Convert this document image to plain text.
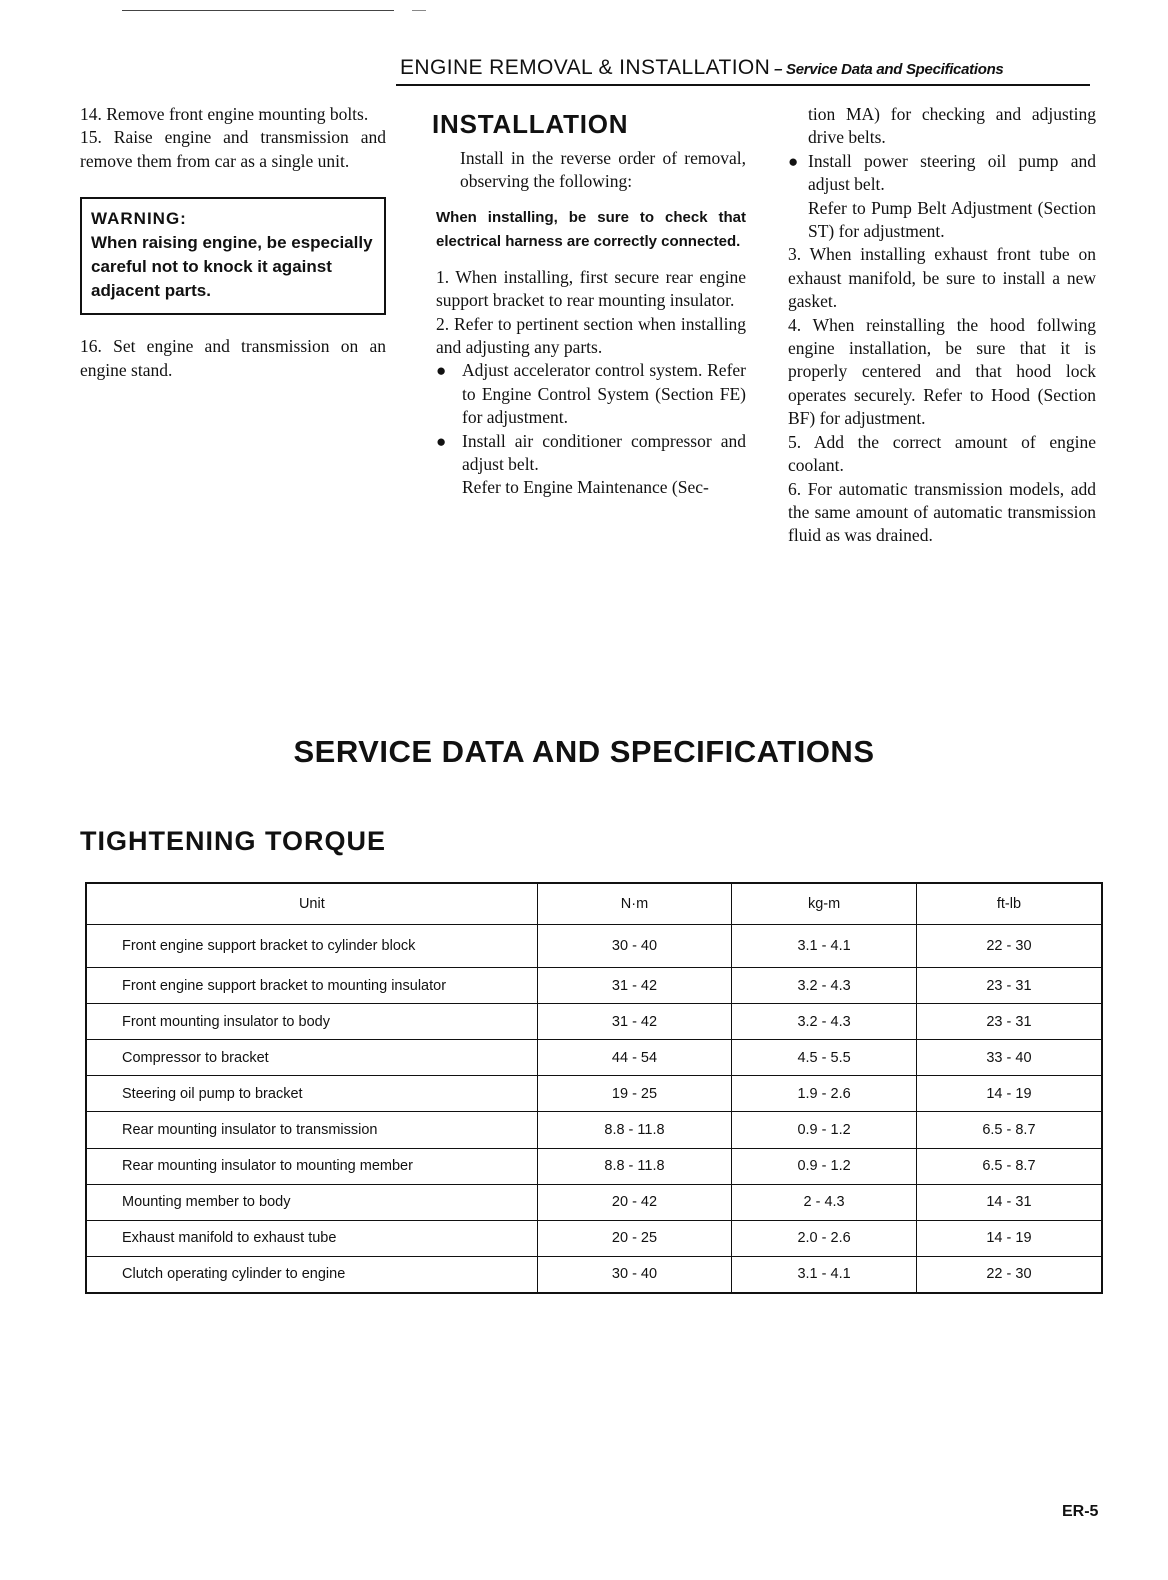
ENGINE REMOVAL & INSTALLATION – Service Data and Specifications

14. Remove front engine mounting bolts.

15. Raise engine and transmission and remove them from car as a single unit.

WARNING:
When raising engine, be especially careful not to knock it against adjacent parts.

16. Set engine and transmission on an engine stand.

INSTALLATION

Install in the reverse order of removal, observing the following:

When installing, be sure to check that electrical harness are correctly connected.

1. When installing, first secure rear engine support bracket to rear mounting insulator.

2. Refer to pertinent section when installing and adjusting any parts.

● Adjust accelerator control system. Refer to Engine Control System (Section FE) for adjustment.

● Install air conditioner compressor and adjust belt.

Refer to Engine Maintenance (Sec-

tion MA) for checking and adjusting drive belts.

● Install power steering oil pump and adjust belt.

Refer to Pump Belt Adjustment (Section ST) for adjustment.

3. When installing exhaust front tube on exhaust manifold, be sure to install a new gasket.

4. When reinstalling the hood follwing engine installation, be sure that it is properly centered and that hood lock operates securely. Refer to Hood (Section BF) for adjustment.

5. Add the correct amount of engine coolant.

6. For automatic transmission models, add the same amount of automatic transmission fluid as was drained.

SERVICE DATA AND SPECIFICATIONS
TIGHTENING TORQUE
Unit	N·m	kg-m	ft-lb
Front engine support bracket to cylinder block	30 - 40	3.1 - 4.1	22 - 30
Front engine support bracket to mounting insulator	31 - 42	3.2 - 4.3	23 - 31
Front mounting insulator to body	31 - 42	3.2 - 4.3	23 - 31
Compressor to bracket	44 - 54	4.5 - 5.5	33 - 40
Steering oil pump to bracket	19 - 25	1.9 - 2.6	14 - 19
Rear mounting insulator to transmission	8.8 - 11.8	0.9 - 1.2	6.5 - 8.7
Rear mounting insulator to mounting member	8.8 - 11.8	0.9 - 1.2	6.5 - 8.7
Mounting member to body	20 - 42	2 - 4.3	14 - 31
Exhaust manifold to exhaust tube	20 - 25	2.0 - 2.6	14 - 19
Clutch operating cylinder to engine	30 - 40	3.1 - 4.1	22 - 30
ER-5
